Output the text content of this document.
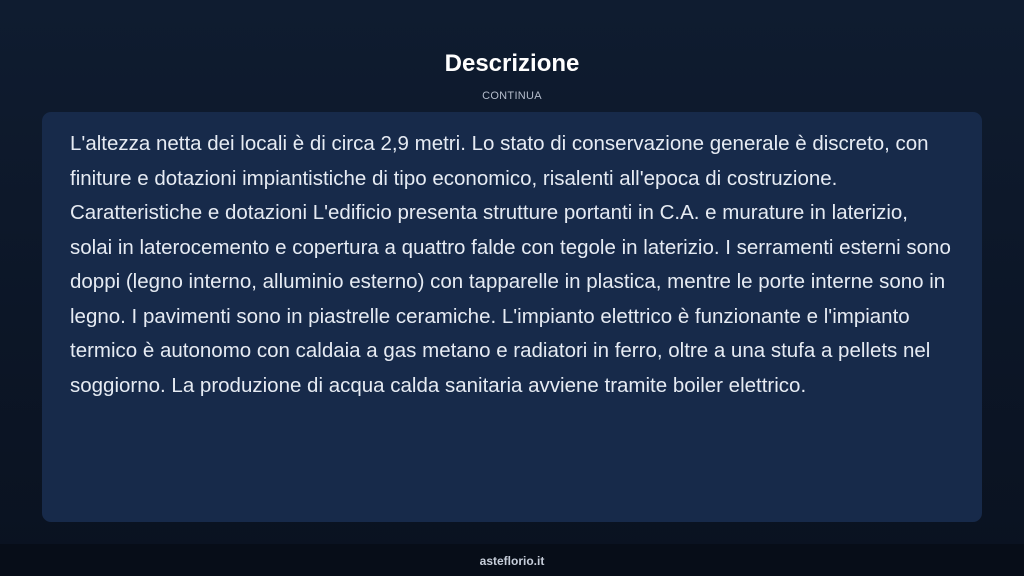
Descrizione
CONTINUA

L'altezza netta dei locali è di circa 2,9 metri. Lo stato di conservazione generale è discreto, con finiture e dotazioni impiantistiche di tipo economico, risalenti all'epoca di costruzione. Caratteristiche e dotazioni L'edificio presenta strutture portanti in C.A. e murature in laterizio, solai in laterocemento e copertura a quattro falde con tegole in laterizio. I serramenti esterni sono doppi (legno interno, alluminio esterno) con tapparelle in plastica, mentre le porte interne sono in legno. I pavimenti sono in piastrelle ceramiche. L'impianto elettrico è funzionante e l'impianto termico è autonomo con caldaia a gas metano e radiatori in ferro, oltre a una stufa a pellets nel soggiorno. La produzione di acqua calda sanitaria avviene tramite boiler elettrico.

asteflorio.it
